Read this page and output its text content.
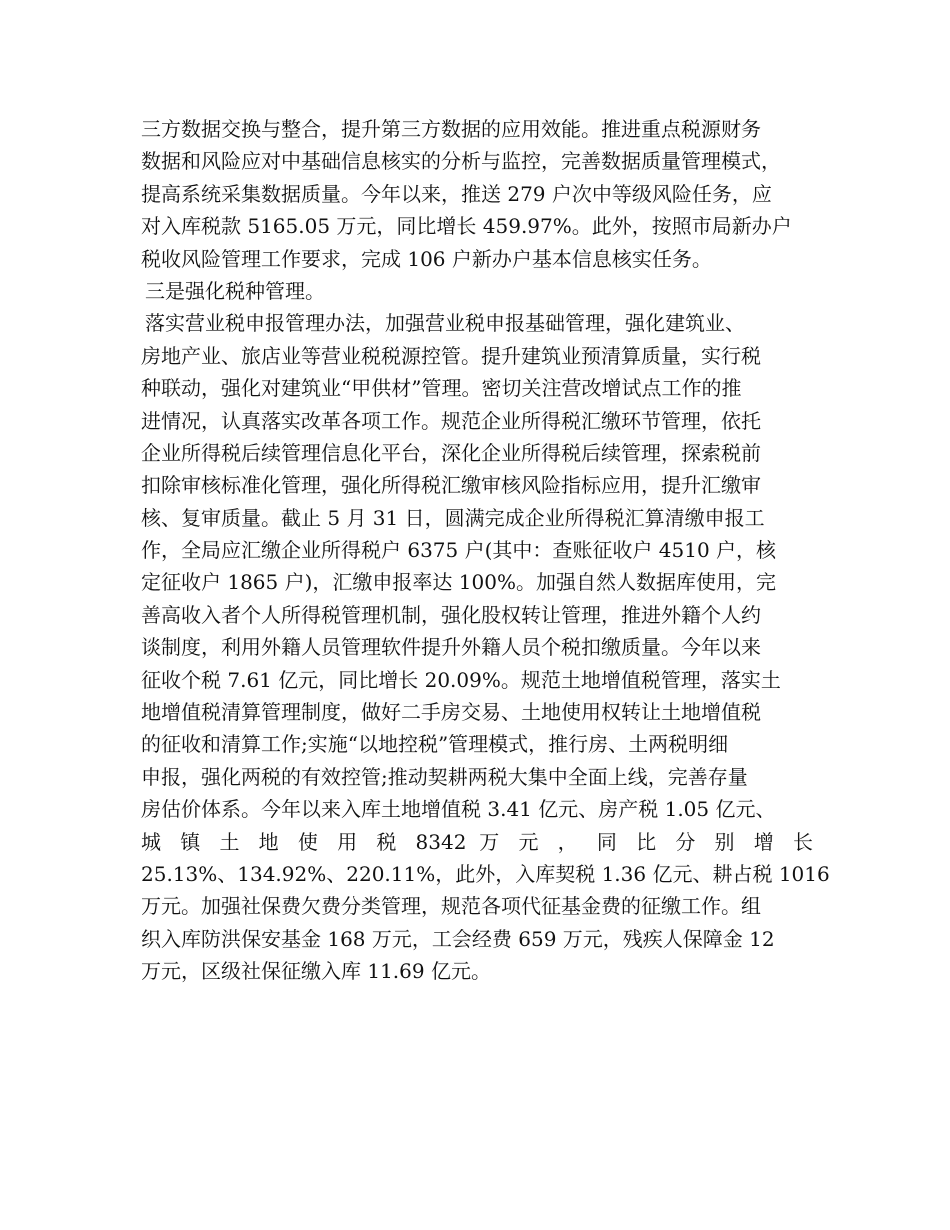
三方数据交换与整合，提升第三方数据的应用效能。推进重点税源财务
数据和风险应对中基础信息核实的分析与监控，完善数据质量管理模式，
提高系统采集数据质量。今年以来，推送 279 户次中等级风险任务，应
对入库税款 5165.05 万元，同比增长 459.97%。此外，按照市局新办户
税收风险管理工作要求，完成 106 户新办户基本信息核实任务。
三是强化税种管理。
落实营业税申报管理办法，加强营业税申报基础管理，强化建筑业、
房地产业、旅店业等营业税税源控管。提升建筑业预清算质量，实行税
种联动，强化对建筑业“甲供材”管理。密切关注营改增试点工作的推
进情况，认真落实改革各项工作。规范企业所得税汇缴环节管理，依托
企业所得税后续管理信息化平台，深化企业所得税后续管理，探索税前
扣除审核标准化管理，强化所得税汇缴审核风险指标应用，提升汇缴审
核、复审质量。截止 5 月 31 日，圆满完成企业所得税汇算清缴申报工
作，全局应汇缴企业所得税户 6375 户(其中：查账征收户 4510 户，核
定征收户 1865 户)，汇缴申报率达 100%。加强自然人数据库使用，完
善高收入者个人所得税管理机制，强化股权转让管理，推进外籍个人约
谈制度，利用外籍人员管理软件提升外籍人员个税扣缴质量。今年以来
征收个税 7.61 亿元，同比增长 20.09%。规范土地增值税管理，落实土
地增值税清算管理制度，做好二手房交易、土地使用权转让土地增值税
的征收和清算工作;实施“以地控税”管理模式，推行房、土两税明细
申报，强化两税的有效控管;推动契耕两税大集中全面上线，完善存量
房估价体系。今年以来入库土地增值税 3.41 亿元、房产税 1.05 亿元、
城 镇 土 地 使 用 税 8342 万 元 ， 同 比 分 别 增 长
25.13%、134.92%、220.11%，此外，入库契税 1.36 亿元、耕占税 1016
万元。加强社保费欠费分类管理，规范各项代征基金费的征缴工作。组
织入库防洪保安基金 168 万元，工会经费 659 万元，残疾人保障金 12
万元，区级社保征缴入库 11.69 亿元。
